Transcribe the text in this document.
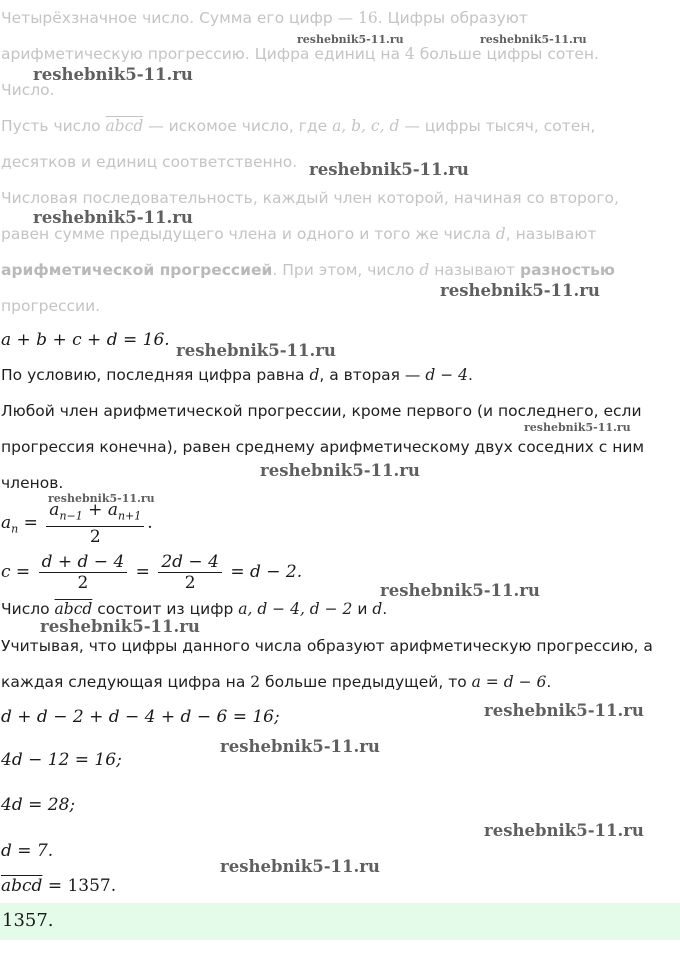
Четырёхзначное число. Сумма его цифр — 16. Цифры образуют
арифметическую прогрессию. Цифра единиц на 4 больше цифры сотен.
Число.
Пусть число abcd — искомое число, где a, b, c, d — цифры тысяч, сотен,
десятков и единиц соответственно.
Числовая последовательность, каждый член которой, начиная со второго,
равен сумме предыдущего члена и одного и того же числа d, называют
арифметической прогрессией. При этом, число d называют разностью
прогрессии.
a + b + c + d = 16.
По условию, последняя цифра равна d, а вторая — d − 4.
Любой член арифметической прогрессии, кроме первого (и последнего, если
прогрессия конечна), равен среднему арифметическому двух соседних с ним
членов.
$a_n = \frac{a_{n-1} + a_{n+1}}{2}$ .
$c = \frac{d + d - 4}{2} = \frac{2d - 4}{2} = d - 2$.
Число abcd состоит из цифр a, d − 4, d − 2 и d.
Учитывая, что цифры данного числа образуют арифметическую прогрессию, а
каждая следующая цифра на 2 больше предыдущей, то a = d − 6.
d + d − 2 + d − 4 + d − 6 = 16;
4d − 12 = 16;
4d = 28;
d = 7.
abcd = 1357.
1357.
reshebnik5-11.ru	reshebnik5-11.ru
reshebnik5-11.ru
reshebnik5-11.ru
reshebnik5-11.ru
reshebnik5-11.ru
reshebnik5-11.ru
reshebnik5-11.ru
reshebnik5-11.ru
reshebnik5-11.ru
reshebnik5-11.ru
reshebnik5-11.ru
reshebnik5-11.ru
reshebnik5-11.ru
reshebnik5-11.ru
reshebnik5-11.ru
